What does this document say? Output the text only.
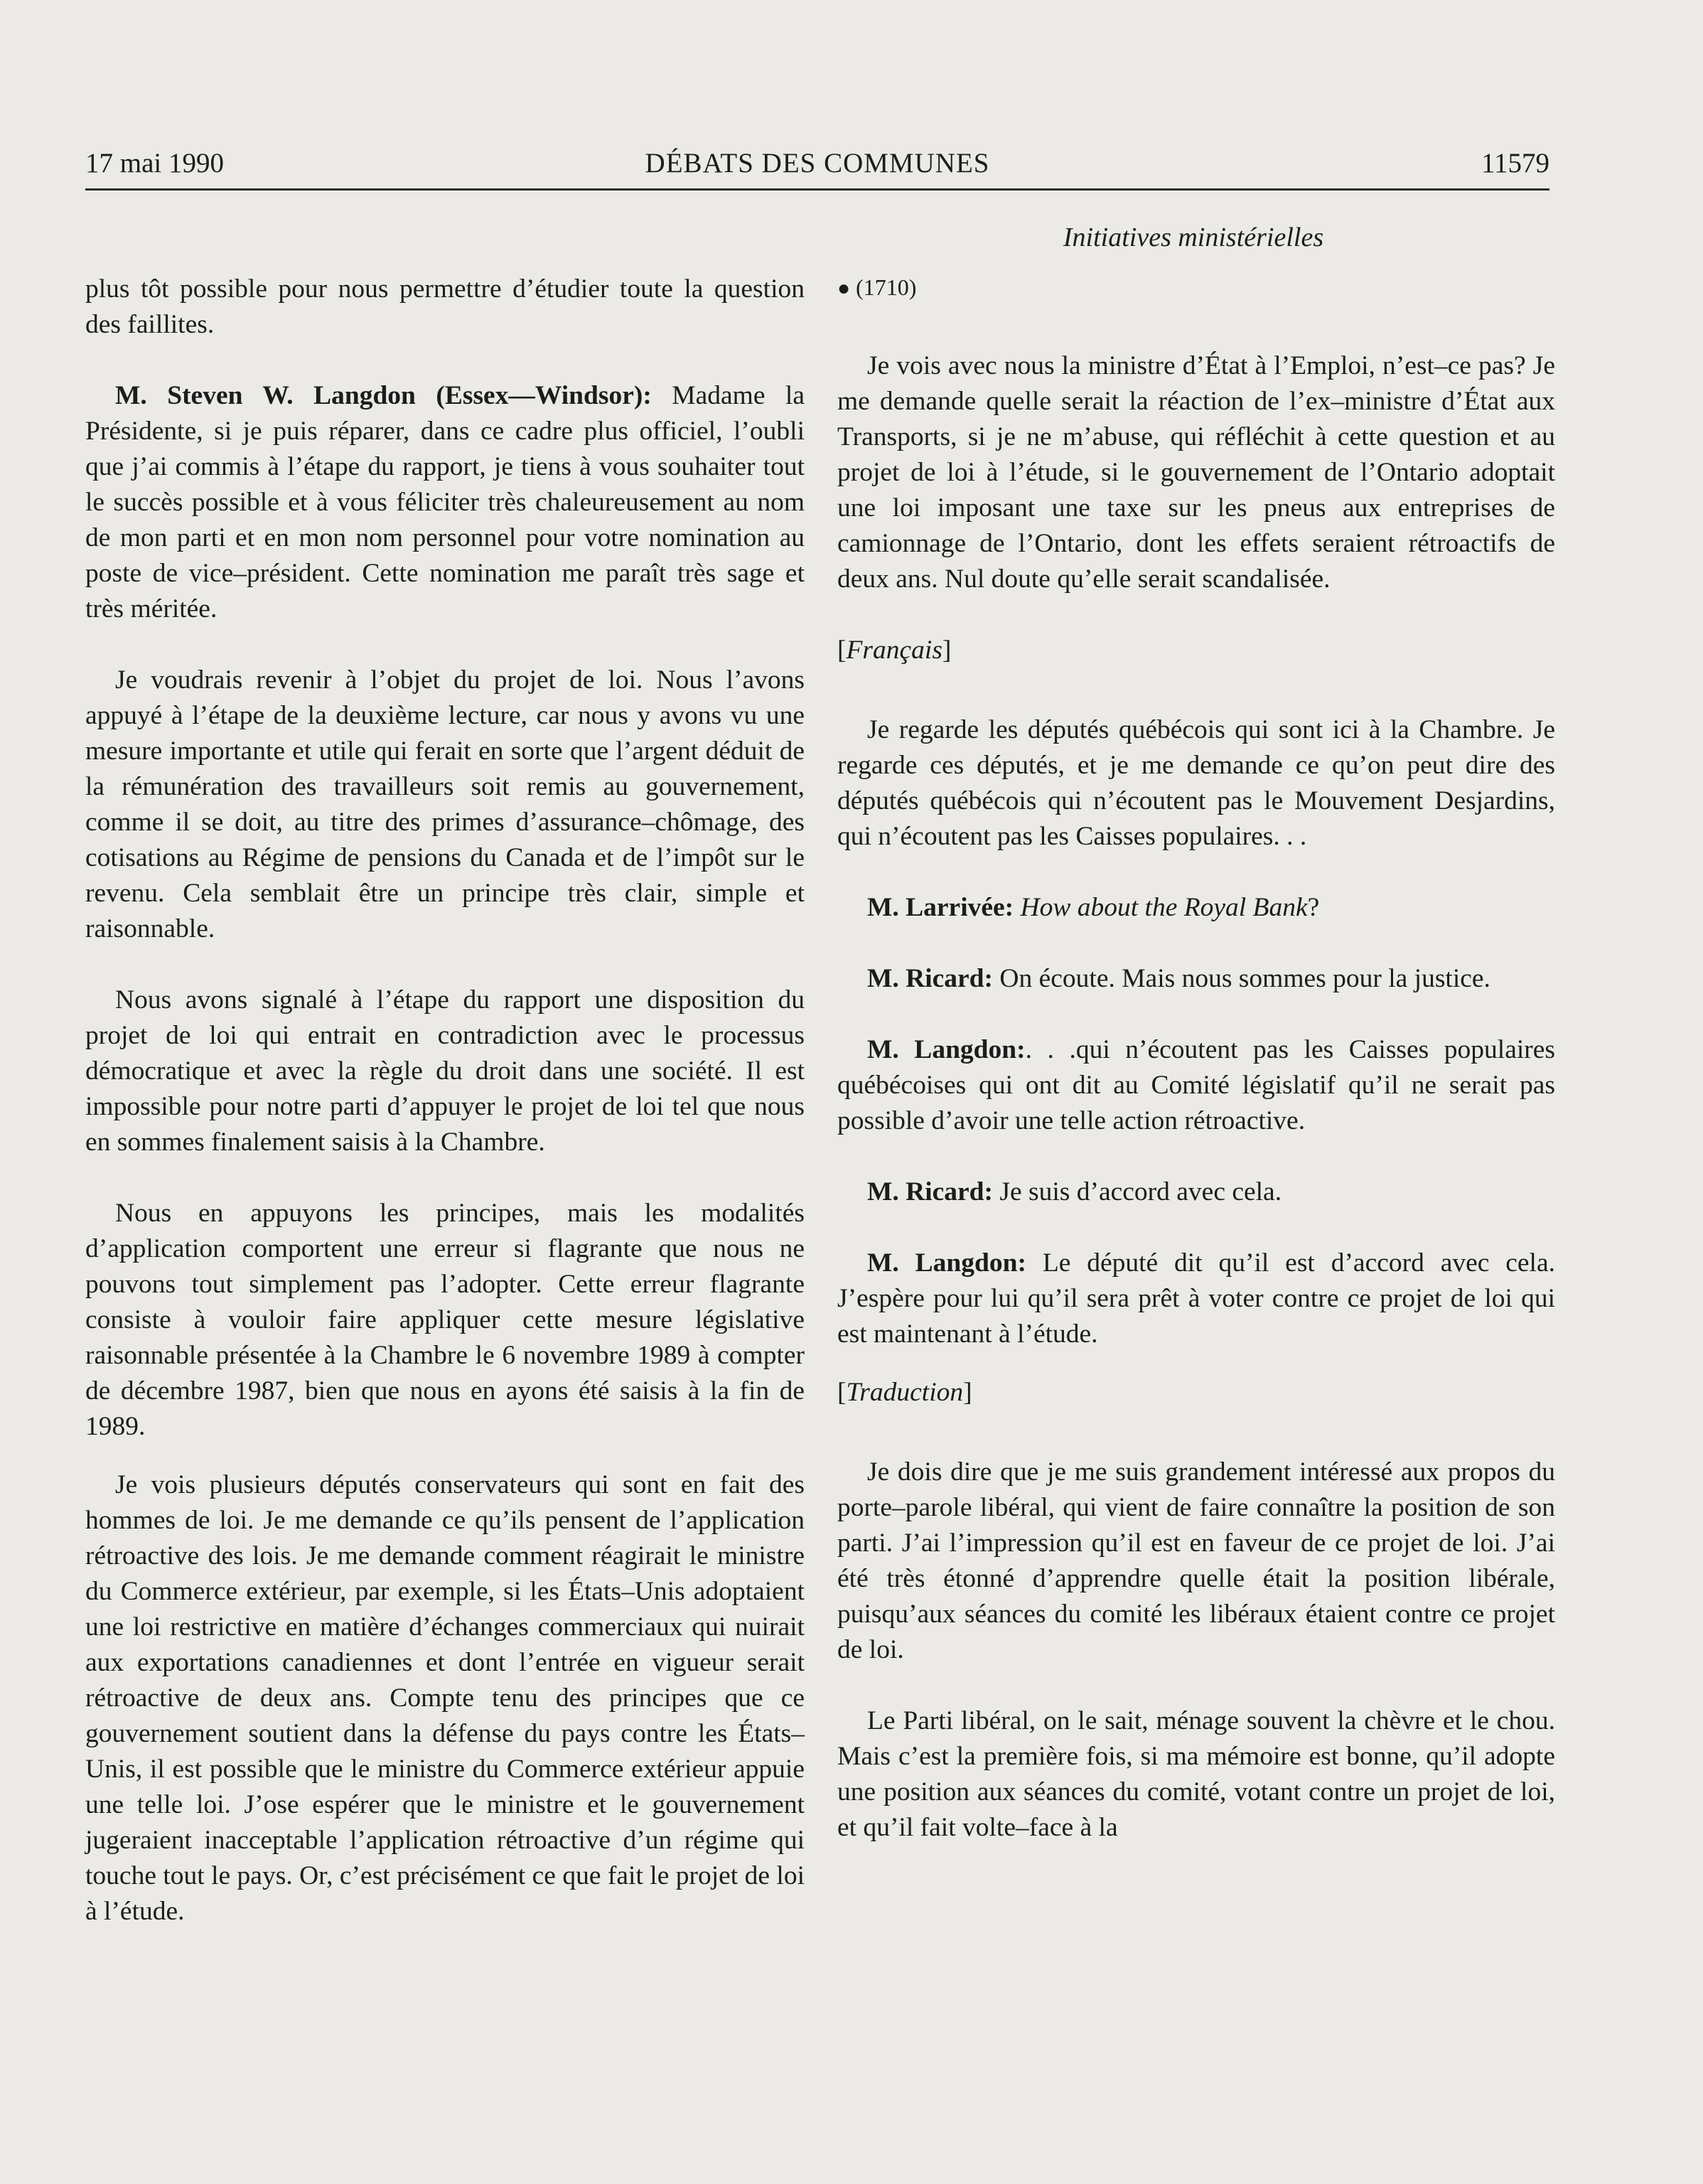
17 mai 1990	DÉBATS DES COMMUNES	11579
Initiatives ministérielles

plus tôt possible pour nous permettre d’étudier toute la question des faillites.

M. Steven W. Langdon (Essex—Windsor): Madame la Présidente, si je puis réparer, dans ce cadre plus officiel, l’oubli que j’ai commis à l’étape du rapport, je tiens à vous souhaiter tout le succès possible et à vous féliciter très chaleureusement au nom de mon parti et en mon nom personnel pour votre nomination au poste de vice–président. Cette nomination me paraît très sage et très méritée.

Je voudrais revenir à l’objet du projet de loi. Nous l’avons appuyé à l’étape de la deuxième lecture, car nous y avons vu une mesure importante et utile qui ferait en sorte que l’argent déduit de la rémunération des travailleurs soit remis au gouvernement, comme il se doit, au titre des primes d’assurance–chômage, des cotisations au Régime de pensions du Canada et de l’impôt sur le revenu. Cela semblait être un principe très clair, simple et raisonnable.

Nous avons signalé à l’étape du rapport une disposition du projet de loi qui entrait en contradiction avec le processus démocratique et avec la règle du droit dans une société. Il est impossible pour notre parti d’appuyer le projet de loi tel que nous en sommes finalement saisis à la Chambre.

Nous en appuyons les principes, mais les modalités d’application comportent une erreur si flagrante que nous ne pouvons tout simplement pas l’adopter. Cette erreur flagrante consiste à vouloir faire appliquer cette mesure législative raisonnable présentée à la Chambre le 6 novembre 1989 à compter de décembre 1987, bien que nous en ayons été saisis à la fin de 1989.

Je vois plusieurs députés conservateurs qui sont en fait des hommes de loi. Je me demande ce qu’ils pensent de l’application rétroactive des lois. Je me demande comment réagirait le ministre du Commerce extérieur, par exemple, si les États–Unis adoptaient une loi restrictive en matière d’échanges commerciaux qui nuirait aux exportations canadiennes et dont l’entrée en vigueur serait rétroactive de deux ans. Compte tenu des principes que ce gouvernement soutient dans la défense du pays contre les États–Unis, il est possible que le ministre du Commerce extérieur appuie une telle loi. J’ose espérer que le ministre et le gouvernement jugeraient inacceptable l’application rétroactive d’un régime qui touche tout le pays. Or, c’est précisément ce que fait le projet de loi à l’étude.

● (1710)

Je vois avec nous la ministre d’État à l’Emploi, n’est–ce pas? Je me demande quelle serait la réaction de l’ex–ministre d’État aux Transports, si je ne m’abuse, qui réfléchit à cette question et au projet de loi à l’étude, si le gouvernement de l’Ontario adoptait une loi imposant une taxe sur les pneus aux entreprises de camionnage de l’Ontario, dont les effets seraient rétroactifs de deux ans. Nul doute qu’elle serait scandalisée.

[Français]

Je regarde les députés québécois qui sont ici à la Chambre. Je regarde ces députés, et je me demande ce qu’on peut dire des députés québécois qui n’écoutent pas le Mouvement Desjardins, qui n’écoutent pas les Caisses populaires. . .

M. Larrivée: How about the Royal Bank?

M. Ricard: On écoute. Mais nous sommes pour la justice.

M. Langdon:. . .qui n’écoutent pas les Caisses populaires québécoises qui ont dit au Comité législatif qu’il ne serait pas possible d’avoir une telle action rétroactive.

M. Ricard: Je suis d’accord avec cela.

M. Langdon: Le député dit qu’il est d’accord avec cela. J’espère pour lui qu’il sera prêt à voter contre ce projet de loi qui est maintenant à l’étude.

[Traduction]

Je dois dire que je me suis grandement intéressé aux propos du porte–parole libéral, qui vient de faire connaître la position de son parti. J’ai l’impression qu’il est en faveur de ce projet de loi. J’ai été très étonné d’apprendre quelle était la position libérale, puisqu’aux séances du comité les libéraux étaient contre ce projet de loi.

Le Parti libéral, on le sait, ménage souvent la chèvre et le chou. Mais c’est la première fois, si ma mémoire est bonne, qu’il adopte une position aux séances du comité, votant contre un projet de loi, et qu’il fait volte–face à la
